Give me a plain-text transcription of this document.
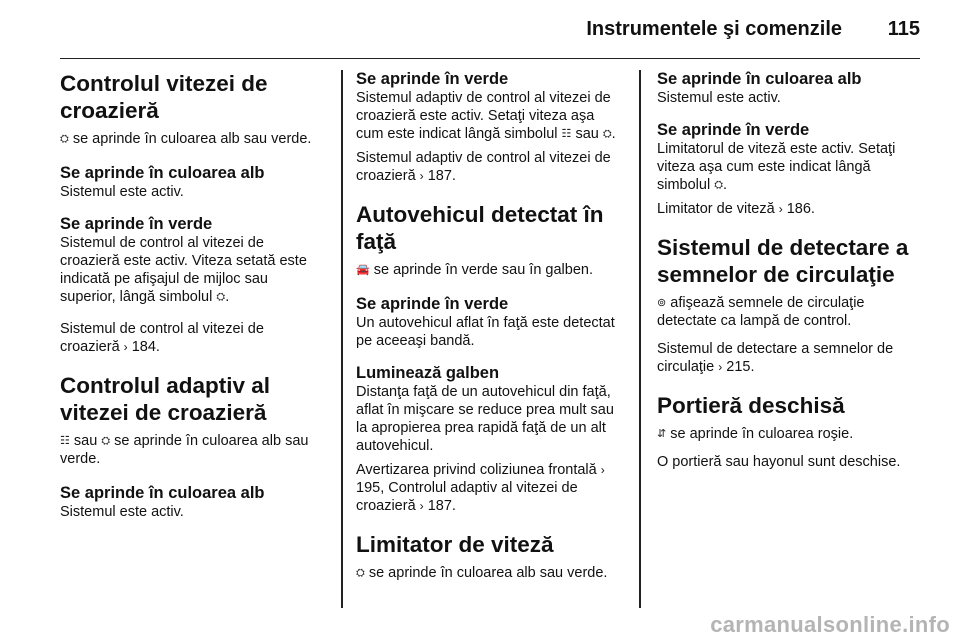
Instrumentele şi comenzile 115
Controlul vitezei de croazieră

⛭ se aprinde în culoarea alb sau verde.

Se aprinde în culoarea alb

Sistemul este activ.

Se aprinde în verde

Sistemul de control al vitezei de croazieră este activ. Viteza setată este indicată pe afişajul de mijloc sau superior, lângă simbolul ⛭.

Sistemul de control al vitezei de croazieră › 184.

Controlul adaptiv al vitezei de croazieră

☷ sau ⛭ se aprinde în culoarea alb sau verde.

Se aprinde în culoarea alb

Sistemul este activ.

Se aprinde în verde

Sistemul adaptiv de control al vitezei de croazieră este activ. Setaţi viteza aşa cum este indicat lângă simbolul ☷ sau ⛭.

Sistemul adaptiv de control al vitezei de croazieră › 187.

Autovehicul detectat în faţă

🚘 se aprinde în verde sau în galben.

Se aprinde în verde

Un autovehicul aflat în faţă este detectat pe aceeaşi bandă.

Luminează galben

Distanţa faţă de un autovehicul din faţă, aflat în mişcare se reduce prea mult sau la apropierea prea rapidă faţă de un alt autovehicul.

Avertizarea privind coliziunea frontală › 195, Controlul adaptiv al vitezei de croazieră › 187.

Limitator de viteză

⛭ se aprinde în culoarea alb sau verde.

Se aprinde în culoarea alb

Sistemul este activ.

Se aprinde în verde

Limitatorul de viteză este activ. Setaţi viteza aşa cum este indicat lângă simbolul ⛭.

Limitator de viteză › 186.

Sistemul de detectare a semnelor de circulaţie

⊚ afişează semnele de circulaţie detectate ca lampă de control.

Sistemul de detectare a semnelor de circulaţie › 215.

Portieră deschisă

⇵ se aprinde în culoarea roşie.

O portieră sau hayonul sunt deschise.

carmanualsonline.info
